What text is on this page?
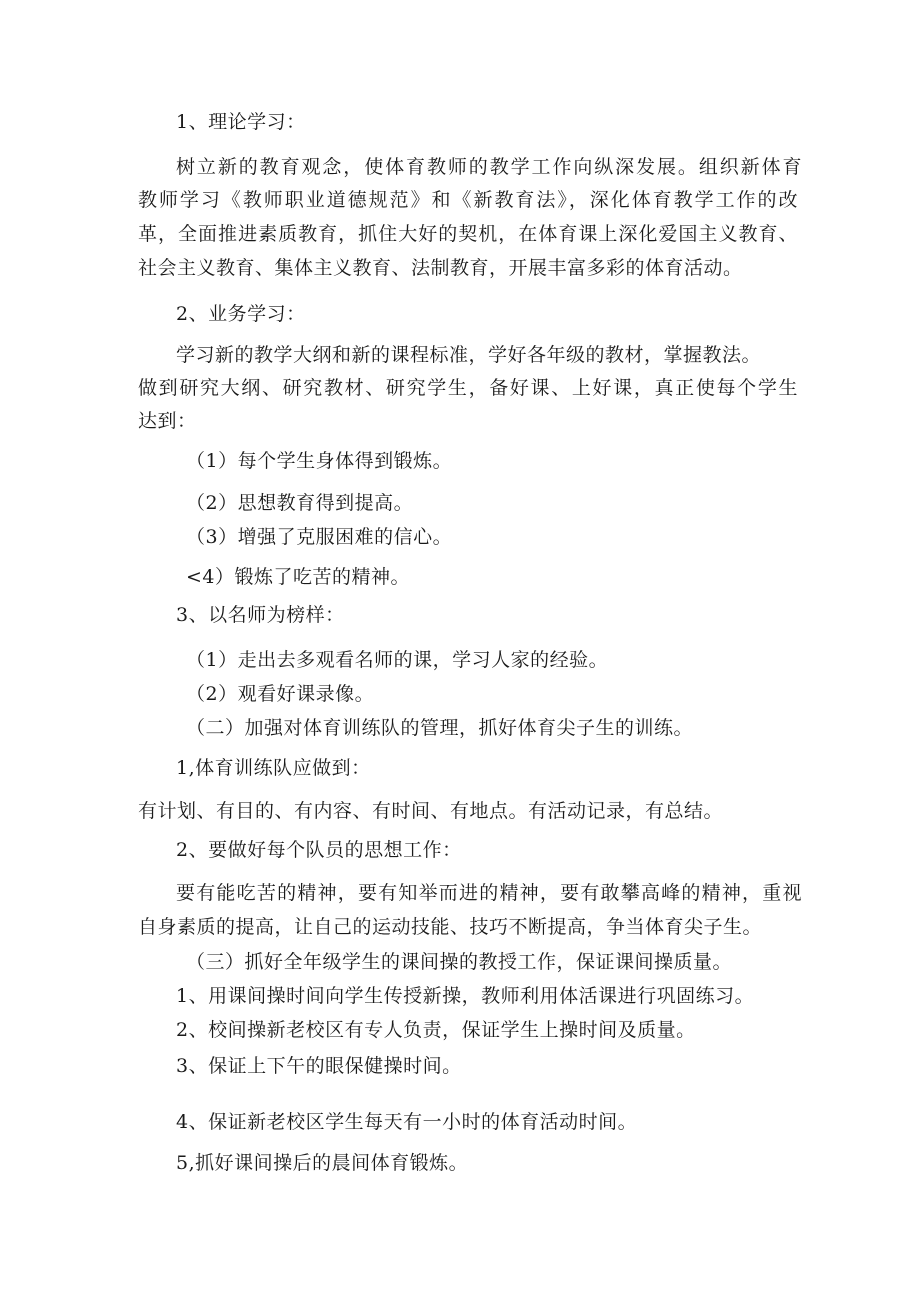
1、理论学习：
树立新的教育观念，使体育教师的教学工作向纵深发展。组织新体育
教师学习《教师职业道德规范》和《新教育法》，深化体育教学工作的改
革，全面推进素质教育，抓住大好的契机，在体育课上深化爱国主义教育、
社会主义教育、集体主义教育、法制教育，开展丰富多彩的体育活动。
2、业务学习：
学习新的教学大纲和新的课程标准，学好各年级的教材，掌握教法。
做到研究大纲、研究教材、研究学生，备好课、上好课，真正使每个学生
达到：
（1）每个学生身体得到锻炼。
（2）思想教育得到提高。
（3）增强了克服困难的信心。
<4）锻炼了吃苦的精神。
3、以名师为榜样：
（1）走出去多观看名师的课，学习人家的经验。
（2）观看好课录像。
（二）加强对体育训练队的管理，抓好体育尖子生的训练。
1,体育训练队应做到：
有计划、有目的、有内容、有时间、有地点。有活动记录，有总结。
2、要做好每个队员的思想工作：
要有能吃苦的精神，要有知举而进的精神，要有敢攀高峰的精神，重视
自身素质的提高，让自己的运动技能、技巧不断提高，争当体育尖子生。
（三）抓好全年级学生的课间操的教授工作，保证课间操质量。
1、用课间操时间向学生传授新操，教师利用体活课进行巩固练习。
2、校间操新老校区有专人负责，保证学生上操时间及质量。
3、保证上下午的眼保健操时间。
4、保证新老校区学生每天有一小时的体育活动时间。
5,抓好课间操后的晨间体育锻炼。
